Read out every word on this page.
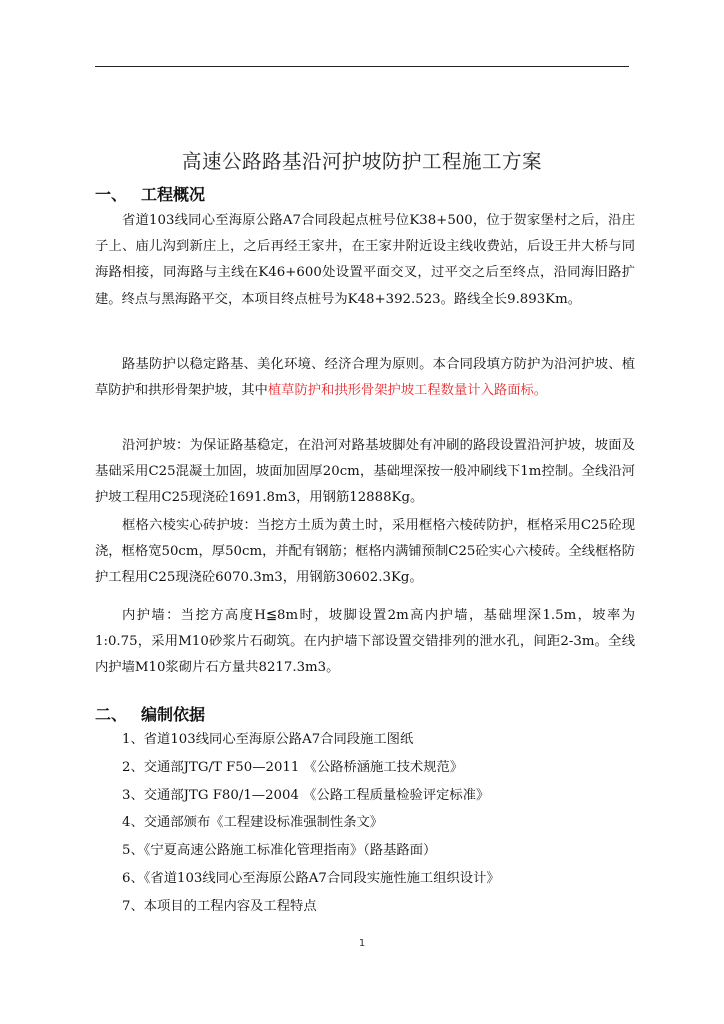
高速公路路基沿河护坡防护工程施工方案
一、 工程概况

省道103线同心至海原公路A7合同段起点桩号位K38+500，位于贺家堡村之后，沿庄子上、庙儿沟到新庄上，之后再经王家井，在王家井附近设主线收费站，后设王井大桥与同海路相接，同海路与主线在K46+600处设置平面交叉，过平交之后至终点，沿同海旧路扩建。终点与黑海路平交，本项目终点桩号为K48+392.523。路线全长9.893Km。

路基防护以稳定路基、美化环境、经济合理为原则。本合同段填方防护为沿河护坡、植草防护和拱形骨架护坡，其中植草防护和拱形骨架护坡工程数量计入路面标。

沿河护坡：为保证路基稳定，在沿河对路基坡脚处有冲刷的路段设置沿河护坡，坡面及基础采用C25混凝土加固，坡面加固厚20cm，基础埋深按一般冲刷线下1m控制。全线沿河护坡工程用C25现浇砼1691.8m3，用钢筋12888Kg。

框格六棱实心砖护坡：当挖方土质为黄土时，采用框格六棱砖防护，框格采用C25砼现浇，框格宽50cm，厚50cm，并配有钢筋；框格内满铺预制C25砼实心六棱砖。全线框格防护工程用C25现浇砼6070.3m3，用钢筋30602.3Kg。

内护墙：当挖方高度H≦8m时，坡脚设置2m高内护墙，基础埋深1.5m，坡率为1:0.75，采用M10砂浆片石砌筑。在内护墙下部设置交错排列的泄水孔，间距2-3m。全线内护墙M10浆砌片石方量共8217.3m3。

二、 编制依据
1、省道103线同心至海原公路A7合同段施工图纸
2、交通部JTG/T F50—2011 《公路桥涵施工技术规范》
3、交通部JTG F80/1—2004 《公路工程质量检验评定标准》
4、交通部颁布《工程建设标准强制性条文》
5、《宁夏高速公路施工标准化管理指南》（路基路面）
6、《省道103线同心至海原公路A7合同段实施性施工组织设计》
7、本项目的工程内容及工程特点
1
